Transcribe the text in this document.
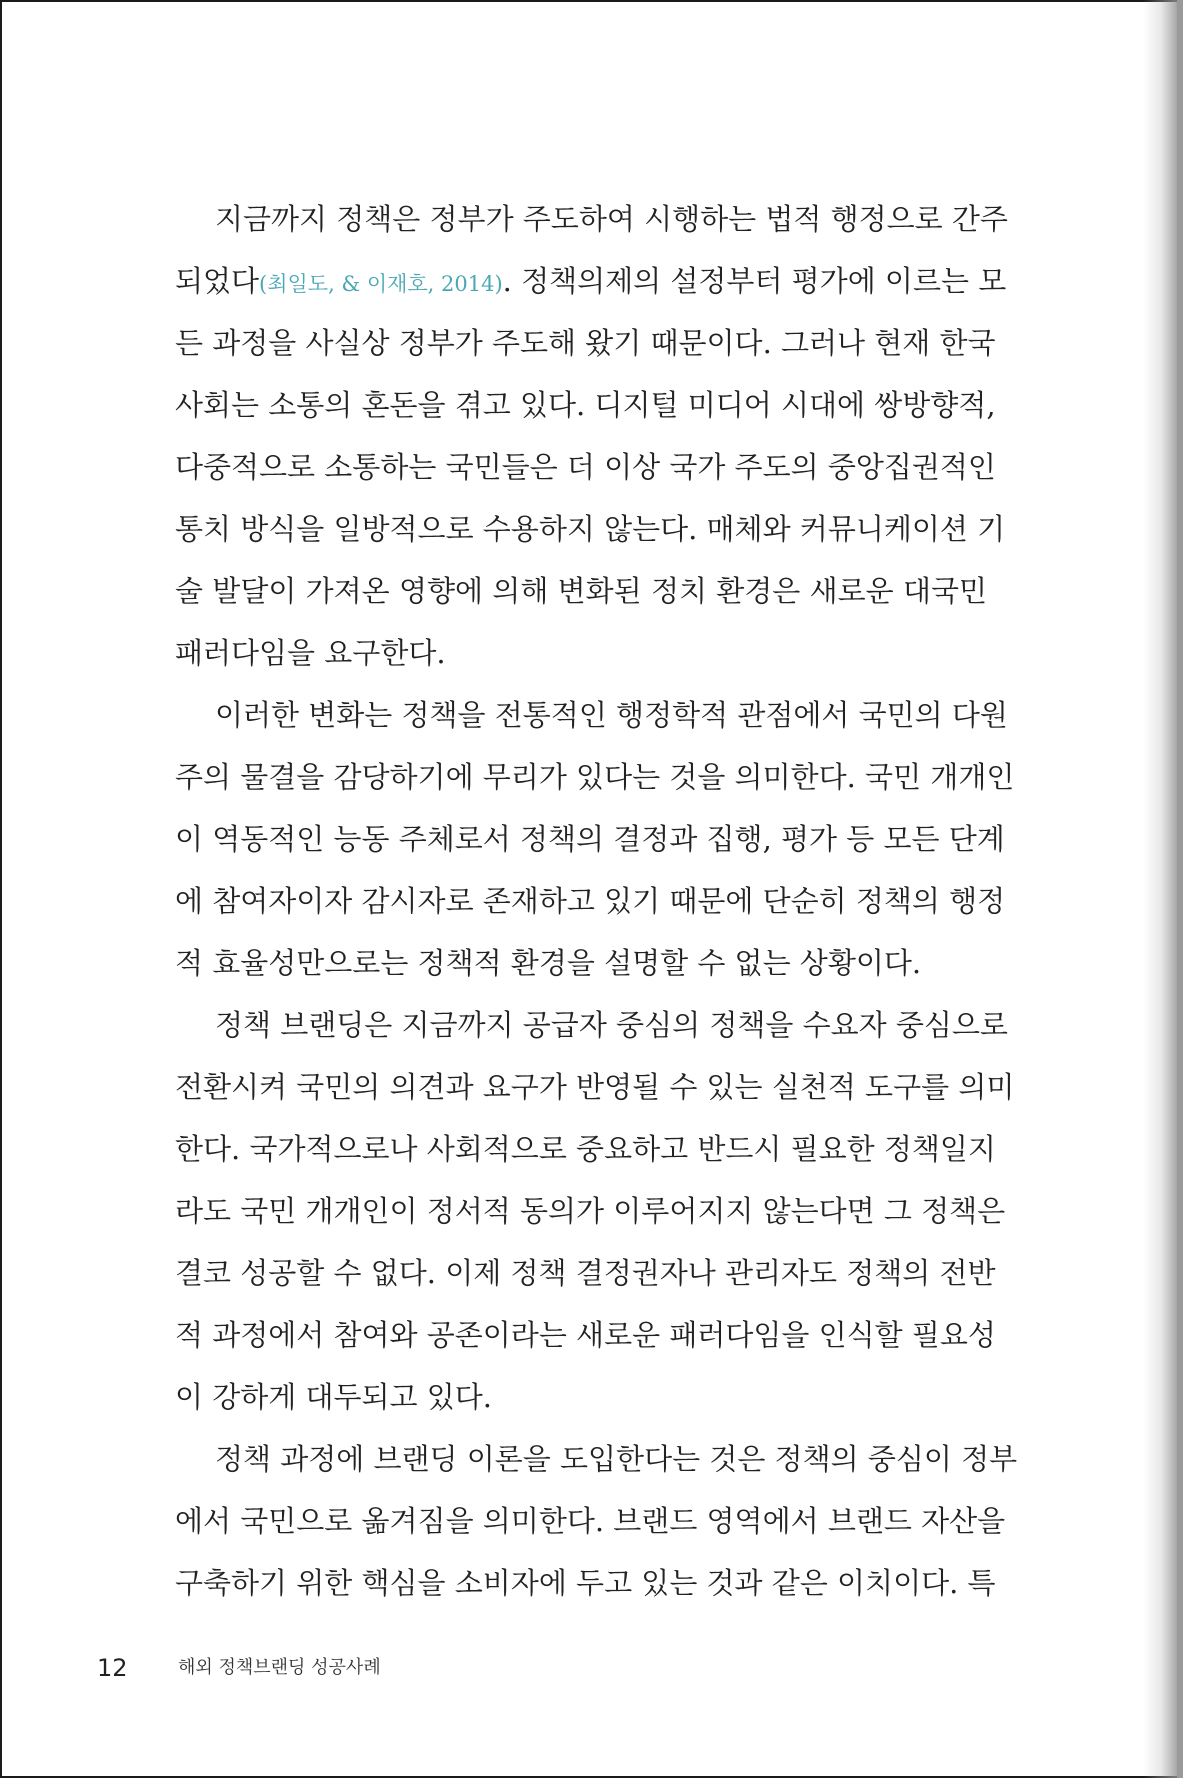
지금까지 정책은 정부가 주도하여 시행하는 법적 행정으로 간주
되었다(최일도, & 이재호, 2014). 정책의제의 설정부터 평가에 이르는 모
든 과정을 사실상 정부가 주도해 왔기 때문이다. 그러나 현재 한국
사회는 소통의 혼돈을 겪고 있다. 디지털 미디어 시대에 쌍방향적,
다중적으로 소통하는 국민들은 더 이상 국가 주도의 중앙집권적인
통치 방식을 일방적으로 수용하지 않는다. 매체와 커뮤니케이션 기
술 발달이 가져온 영향에 의해 변화된 정치 환경은 새로운 대국민
패러다임을 요구한다.
이러한 변화는 정책을 전통적인 행정학적 관점에서 국민의 다원
주의 물결을 감당하기에 무리가 있다는 것을 의미한다. 국민 개개인
이 역동적인 능동 주체로서 정책의 결정과 집행, 평가 등 모든 단계
에 참여자이자 감시자로 존재하고 있기 때문에 단순히 정책의 행정
적 효율성만으로는 정책적 환경을 설명할 수 없는 상황이다.
정책 브랜딩은 지금까지 공급자 중심의 정책을 수요자 중심으로
전환시켜 국민의 의견과 요구가 반영될 수 있는 실천적 도구를 의미
한다. 국가적으로나 사회적으로 중요하고 반드시 필요한 정책일지
라도 국민 개개인이 정서적 동의가 이루어지지 않는다면 그 정책은
결코 성공할 수 없다. 이제 정책 결정권자나 관리자도 정책의 전반
적 과정에서 참여와 공존이라는 새로운 패러다임을 인식할 필요성
이 강하게 대두되고 있다.
정책 과정에 브랜딩 이론을 도입한다는 것은 정책의 중심이 정부
에서 국민으로 옮겨짐을 의미한다. 브랜드 영역에서 브랜드 자산을
구축하기 위한 핵심을 소비자에 두고 있는 것과 같은 이치이다. 특
12	해외 정책브랜딩 성공사례
